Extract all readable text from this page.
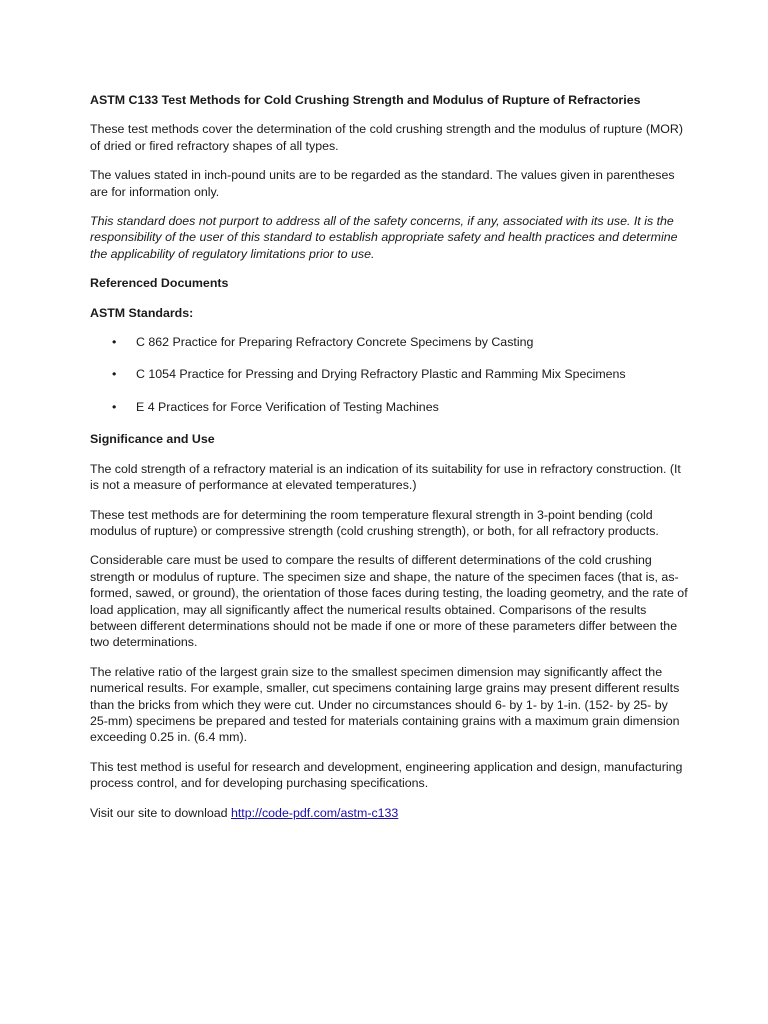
ASTM C133 Test Methods for Cold Crushing Strength and Modulus of Rupture of Refractories

These test methods cover the determination of the cold crushing strength and the modulus of rupture (MOR) of dried or fired refractory shapes of all types.

The values stated in inch-pound units are to be regarded as the standard. The values given in parentheses are for information only.

This standard does not purport to address all of the safety concerns, if any, associated with its use. It is the responsibility of the user of this standard to establish appropriate safety and health practices and determine the applicability of regulatory limitations prior to use.

Referenced Documents
ASTM Standards:
• C 862 Practice for Preparing Refractory Concrete Specimens by Casting
• C 1054 Practice for Pressing and Drying Refractory Plastic and Ramming Mix Specimens
• E 4 Practices for Force Verification of Testing Machines
Significance and Use

The cold strength of a refractory material is an indication of its suitability for use in refractory construction. (It is not a measure of performance at elevated temperatures.)

These test methods are for determining the room temperature flexural strength in 3-point bending (cold modulus of rupture) or compressive strength (cold crushing strength), or both, for all refractory products.

Considerable care must be used to compare the results of different determinations of the cold crushing strength or modulus of rupture. The specimen size and shape, the nature of the specimen faces (that is, as-formed, sawed, or ground), the orientation of those faces during testing, the loading geometry, and the rate of load application, may all significantly affect the numerical results obtained. Comparisons of the results between different determinations should not be made if one or more of these parameters differ between the two determinations.

The relative ratio of the largest grain size to the smallest specimen dimension may significantly affect the numerical results. For example, smaller, cut specimens containing large grains may present different results than the bricks from which they were cut. Under no circumstances should 6- by 1- by 1-in. (152- by 25- by 25-mm) specimens be prepared and tested for materials containing grains with a maximum grain dimension exceeding 0.25 in. (6.4 mm).

This test method is useful for research and development, engineering application and design, manufacturing process control, and for developing purchasing specifications.

Visit our site to download http://code-pdf.com/astm-c133
